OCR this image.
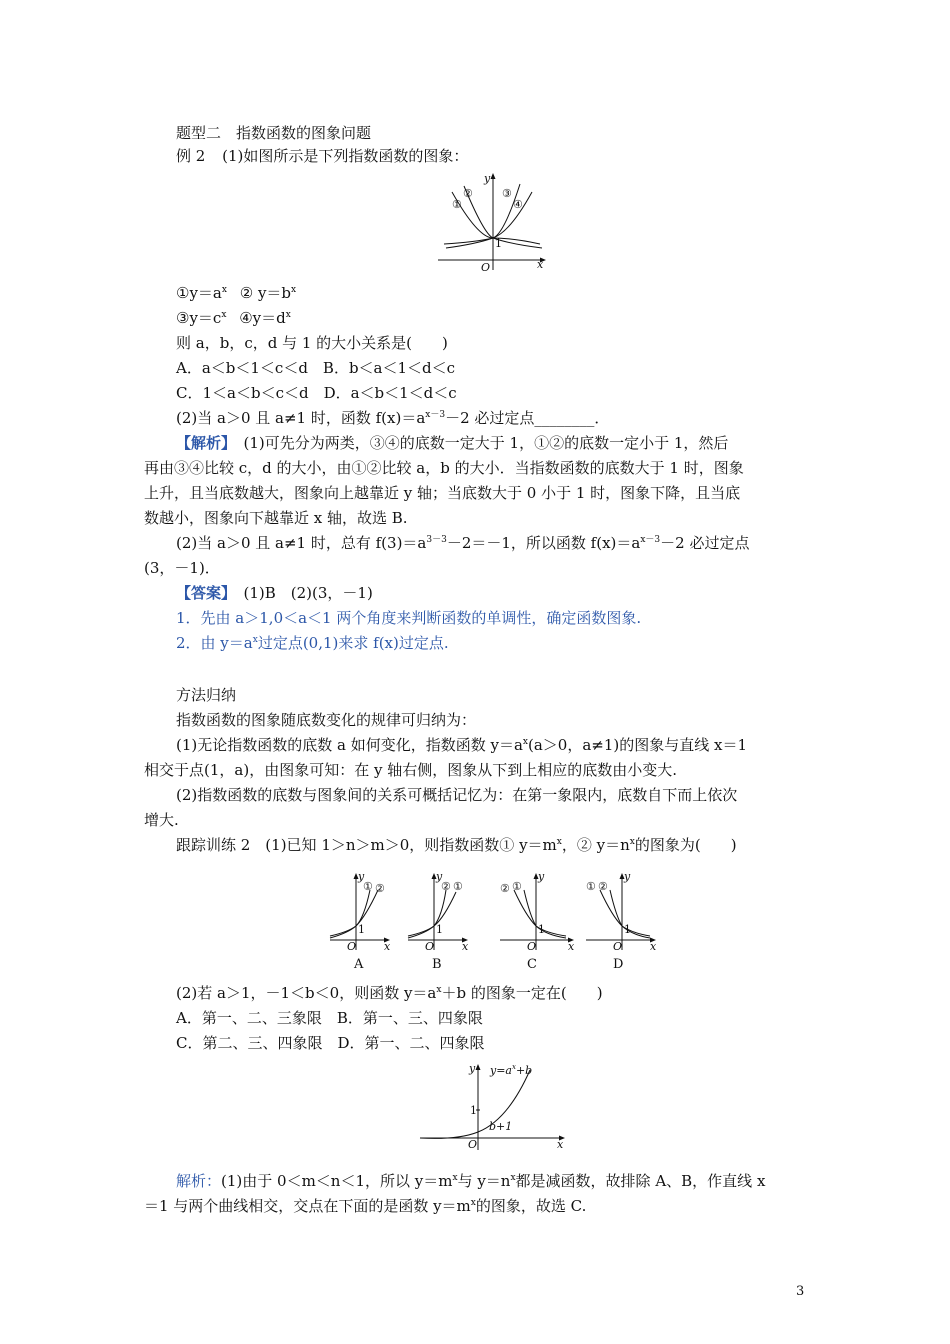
题型二　指数函数的图象问题
例 2 (1)如图所示是下列指数函数的图象：
①
②	③
④
y
x
O
1
$①y=a^x$ ② $y=b^x$
$③y=c^x$ $④y=d^x$
则 a，b，c，d 与 1 的大小关系是(　　)
A．a＜b＜1＜c＜d　B．b＜a＜1＜d＜c
C．1＜a＜b＜c＜d　D．a＜b＜1＜d＜c
(2)当 a＞0 且 a≠1 时，函数 $f(x)=a^{x-3}-2$ 必过定点________．
【解析】　(1)可先分为两类，③④的底数一定大于 1，①②的底数一定小于 1，然后
再由③④比较 c，d 的大小，由①②比较 a，b 的大小．当指数函数的底数大于 1 时，图象
上升，且当底数越大，图象向上越靠近 y 轴；当底数大于 0 小于 1 时，图象下降，且当底
数越小，图象向下越靠近 x 轴，故选 B.
(2)当 a＞0 且 a≠1 时，总有 $f(3)=a^{3-3}-2=-1$，所以函数 $f(x)=a^{x-3}-2$ 必过定点
(3，－1)．
【答案】　(1)B　(2)(3，－1)
1．先由 a＞1,0＜a＜1 两个角度来判断函数的单调性，确定函数图象.
2．由 $y=a^x$过定点(0,1)来求 f(x)过定点.
方法归纳
指数函数的图象随底数变化的规律可归纳为：
(1)无论指数函数的底数 a 如何变化，指数函数 $y=a^x(a>0$，a≠1)的图象与直线 x＝1
相交于点(1，a)，由图象可知：在 y 轴右侧，图象从下到上相应的底数由小变大.
(2)指数函数的底数与图象间的关系可概括记忆为：在第一象限内，底数自下而上依次
增大.
跟踪训练 2　(1)已知 1＞n＞m＞0，则指数函数① $y=m^x$，② $y=n^x$的图象为(　　)
① ②
y
x
O
1
A
② ①
y
x
O
1
B
② ①
y
x
O
1
C
① ②
y
x
O
1
D
(2)若 a＞1，－1＜b＜0，则函数 $y=a^x+b$ 的图象一定在(　　)
A．第一、二、三象限　B．第一、三、四象限
C．第二、三、四象限　D．第一、二、四象限
$y=a^x+b$
y
x
O
1
b+1
解析：(1)由于 0＜m＜n＜1，所以 $y=m^x$与 $y=n^x$都是减函数，故排除 A、B，作直线 x
＝1 与两个曲线相交，交点在下面的是函数 $y=m^x$的图象，故选 C.
3
